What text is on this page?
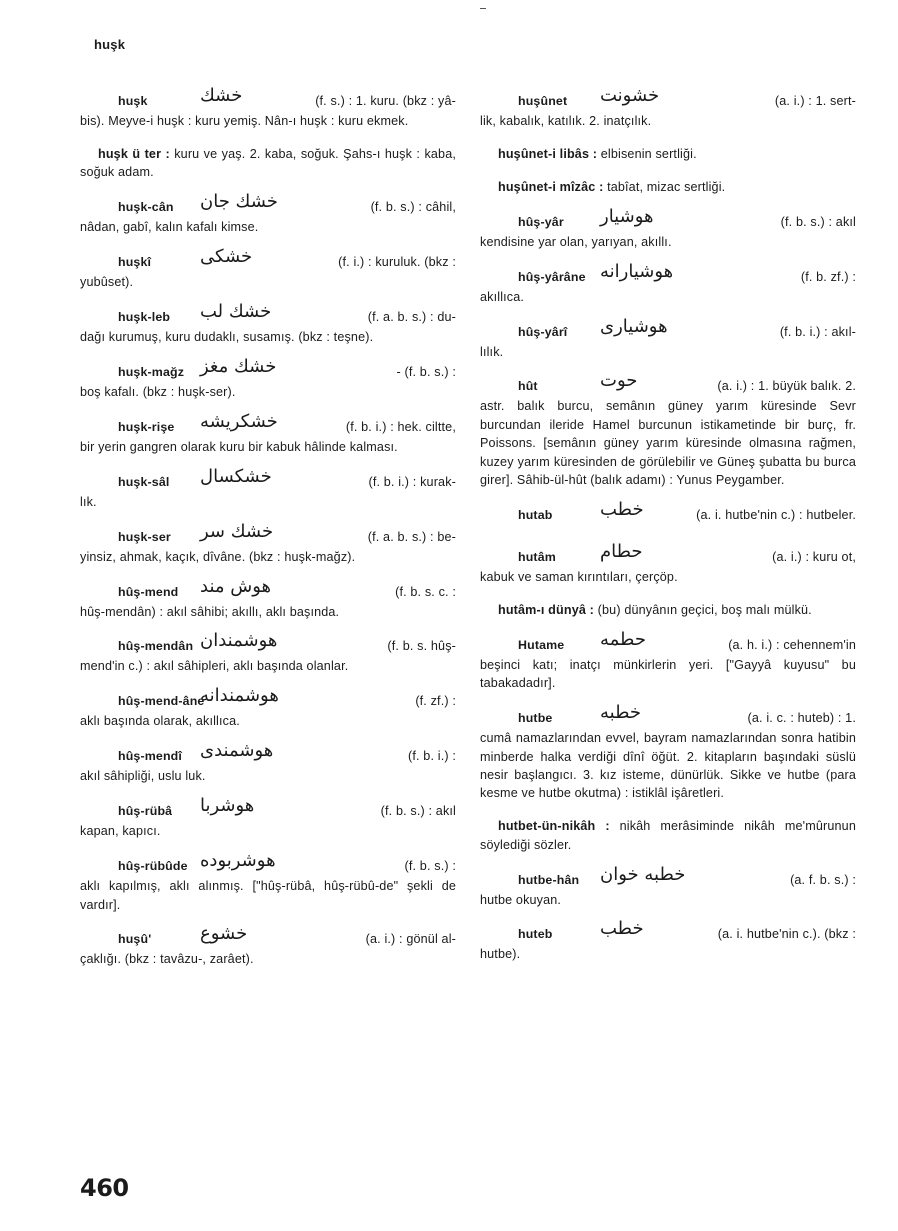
huşk
huşk	خشك	(f. s.) : 1. kuru. (bkz : yâ-
bis). Meyve-i huşk : kuru yemiş. Nân-ı huşk : kuru ekmek.
huşk ü ter : kuru ve yaş. 2. kaba, soğuk. Şahs-ı huşk : kaba, soğuk adam.
huşk-cân خشك جان	(f. b. s.) : câhil,
nâdan, gabî, kalın kafalı kimse.
huşkî	خشكى	(f. i.) : kuruluk. (bkz :
yubûset).
huşk-leb خشك لب	(f. a. b. s.) : du-
dağı kurumuş, kuru dudaklı, susamış. (bkz : teşne).
huşk-mağz خشك مغز	- (f. b. s.) :
boş kafalı. (bkz : huşk-ser).
huşk-rişe خشكريشه	(f. b. i.) : hek. ciltte,
bir yerin gangren olarak kuru bir kabuk hâlinde kalması.
huşk-sâl خشكسال	(f. b. i.) : kurak-
lık.
huşk-ser خشك سر	(f. a. b. s.) : be-
yinsiz, ahmak, kaçık, dîvâne. (bkz : huşk-mağz).
hûş-mend هوش مند	(f. b. s. c. :
hûş-mendân) : akıl sâhibi; akıllı, aklı başında.
hûş-mendân هوشمندان	(f. b. s. hûş-
mend'in c.) : akıl sâhipleri, aklı başında olanlar.
hûş-mend-âne
هوشمندانه	(f. zf.) :
aklı başında olarak, akıllıca.
hûş-mendî هوشمندى	(f. b. i.) :
akıl sâhipliği, uslu luk.
hûş-rübâ هوشربا	(f. b. s.) : akıl
kapan, kapıcı.
hûş-rübûde هوشربوده	(f. b. s.) :
aklı kapılmış, aklı alınmış. ["hûş-rübâ, hûş-rübû-de" şekli de vardır].
huşû'	خشوع	(a. i.) : gönül al-
çaklığı. (bkz : tavâzu-, zarâet).
huşûnet خشونت	(a. i.) : 1. sert-
lik, kabalık, katılık. 2. inatçılık.
huşûnet-i libâs : elbisenin sertliği.
huşûnet-i mîzâc : tabîat, mizac sertliği.
hûş-yâr هوشيار	(f. b. s.) : akıl
kendisine yar olan, yarıyan, akıllı.
hûş-yârâne هوشيارانه	(f. b. zf.) :
akıllıca.
hûş-yârî هوشيارى	(f. b. i.) : akıl-
lılık.
hût	حوت	(a. i.) : 1. büyük balık. 2.
astr. balık burcu, semânın güney yarım küresinde Sevr burcundan ileride Hamel burcunun istikametinde bir burç, fr. Poissons. [semânın güney yarım küresinde olmasına rağmen, kuzey yarım küresinden de görülebilir ve Güneş şubatta bu burca girer]. Sâhib-ül-hût (balık adamı) : Yunus Peygamber.
hutab	خطب	(a. i. hutbe'nin c.) : hutbeler.
hutâm حطام	(a. i.) : kuru ot,
kabuk ve saman kırıntıları, çerçöp.
hutâm-ı dünyâ : (bu) dünyânın geçici, boş malı mülkü.
Hutame حطمه	(a. h. i.) : cehennem'in
beşinci katı; inatçı münkirlerin yeri. ["Gayyâ kuyusu" bu tabakadadır].
hutbe	خطبه	(a. i. c. : huteb) : 1.
cumâ namazlarından evvel, bayram namazlarından sonra hatibin minberde halka verdiği dînî öğüt. 2. kitapların başındaki süslü nesir başlangıcı. 3. kız isteme, dünürlük. Sikke ve hutbe (para kesme ve hutbe okutma) : istiklâl işâretleri.
hutbet-ün-nikâh : nikâh merâsiminde nikâh me'mûrunun söylediği sözler.
hutbe-hân خطبه خوان	(a. f. b. s.) :
hutbe okuyan.
huteb	خطب	(a. i. hutbe'nin c.). (bkz :
hutbe).
460
